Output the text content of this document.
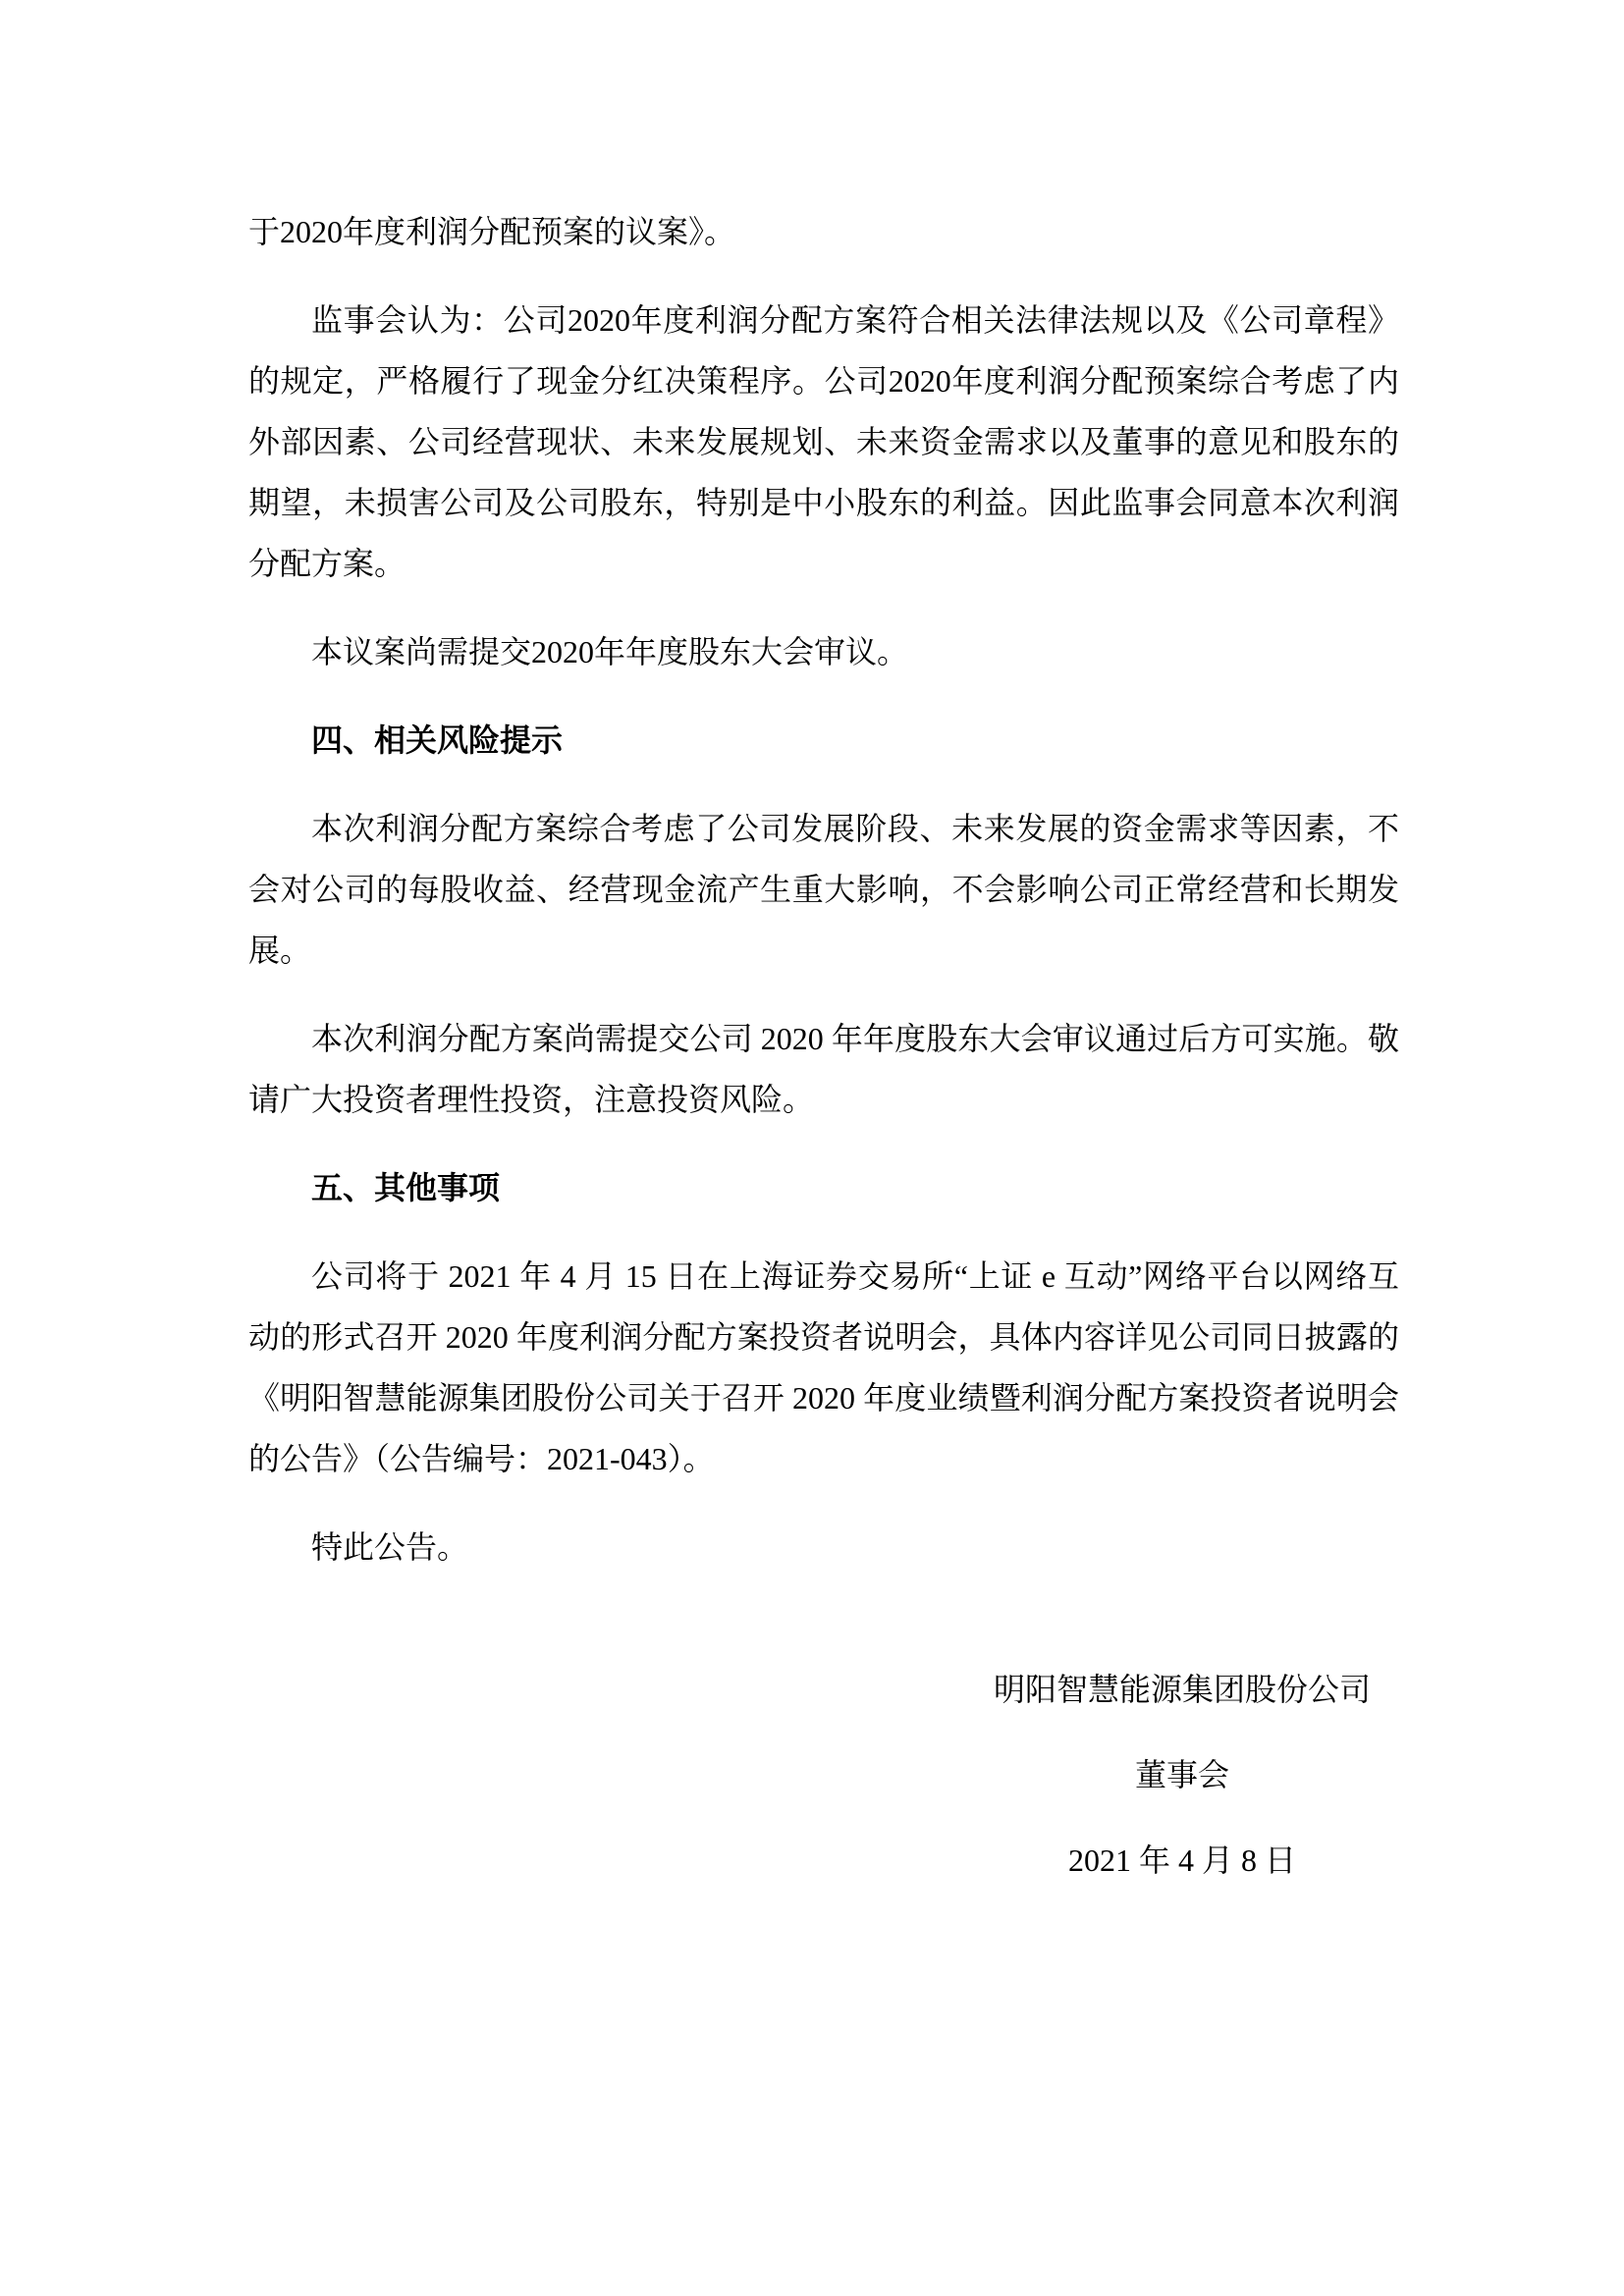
于2020年度利润分配预案的议案》。

监事会认为：公司2020年度利润分配方案符合相关法律法规以及《公司章程》的规定，严格履行了现金分红决策程序。公司2020年度利润分配预案综合考虑了内外部因素、公司经营现状、未来发展规划、未来资金需求以及董事的意见和股东的期望，未损害公司及公司股东，特别是中小股东的利益。因此监事会同意本次利润分配方案。

本议案尚需提交2020年年度股东大会审议。

四、相关风险提示

本次利润分配方案综合考虑了公司发展阶段、未来发展的资金需求等因素，不会对公司的每股收益、经营现金流产生重大影响，不会影响公司正常经营和长期发展。

本次利润分配方案尚需提交公司 2020 年年度股东大会审议通过后方可实施。敬请广大投资者理性投资，注意投资风险。

五、其他事项

公司将于 2021 年 4 月 15 日在上海证券交易所“上证 e 互动”网络平台以网络互动的形式召开 2020 年度利润分配方案投资者说明会，具体内容详见公司同日披露的《明阳智慧能源集团股份公司关于召开 2020 年度业绩暨利润分配方案投资者说明会的公告》（公告编号：2021-043）。

特此公告。

明阳智慧能源集团股份公司

董事会

2021 年 4 月 8 日
